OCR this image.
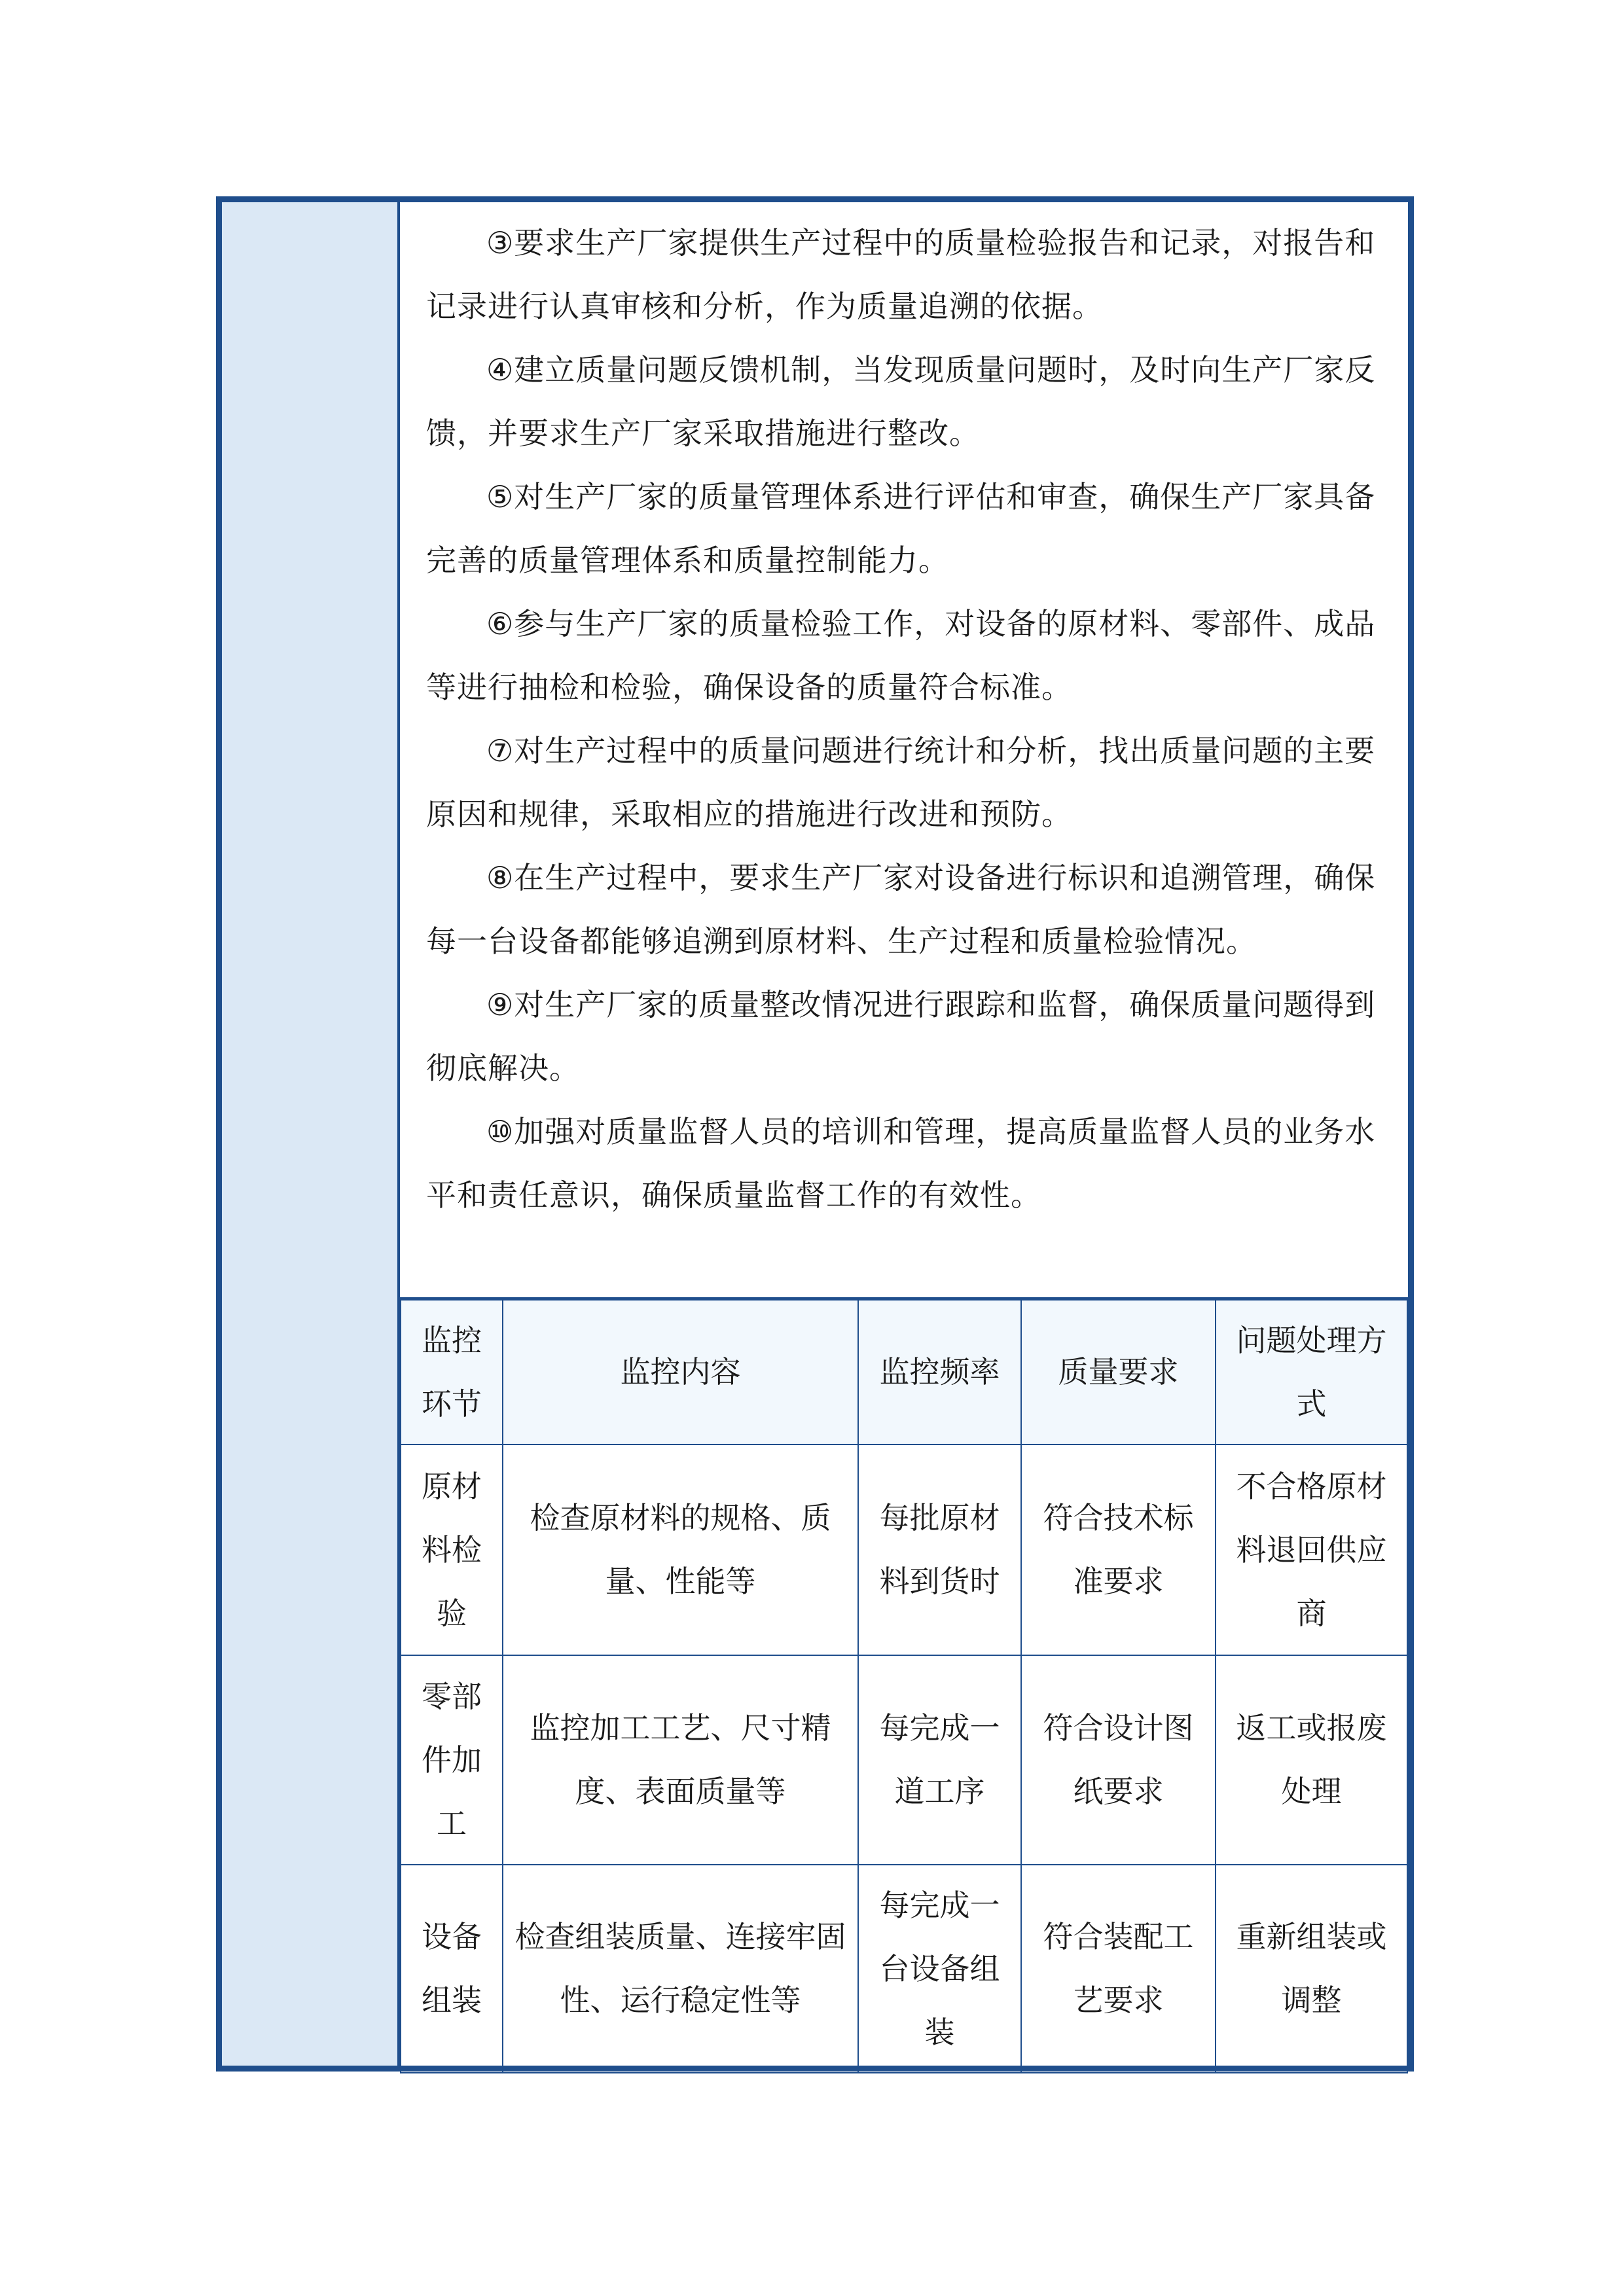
③要求生产厂家提供生产过程中的质量检验报告和记录，对报告和记录进行认真审核和分析，作为质量追溯的依据。

④建立质量问题反馈机制，当发现质量问题时，及时向生产厂家反馈，并要求生产厂家采取措施进行整改。

⑤对生产厂家的质量管理体系进行评估和审查，确保生产厂家具备完善的质量管理体系和质量控制能力。

⑥参与生产厂家的质量检验工作，对设备的原材料、零部件、成品等进行抽检和检验，确保设备的质量符合标准。

⑦对生产过程中的质量问题进行统计和分析，找出质量问题的主要原因和规律，采取相应的措施进行改进和预防。

⑧在生产过程中，要求生产厂家对设备进行标识和追溯管理，确保每一台设备都能够追溯到原材料、生产过程和质量检验情况。

⑨对生产厂家的质量整改情况进行跟踪和监督，确保质量问题得到彻底解决。

⑩加强对质量监督人员的培训和管理，提高质量监督人员的业务水平和责任意识，确保质量监督工作的有效性。

监控环节	监控内容	监控频率	质量要求	问题处理方式
原材料检验	检查原材料的规格、质量、性能等	每批原材料到货时	符合技术标准要求	不合格原材料退回供应商
零部件加工	监控加工工艺、尺寸精度、表面质量等	每完成一道工序	符合设计图纸要求	返工或报废处理
设备组装	检查组装质量、连接牢固性、运行稳定性等	每完成一台设备组装	符合装配工艺要求	重新组装或调整
